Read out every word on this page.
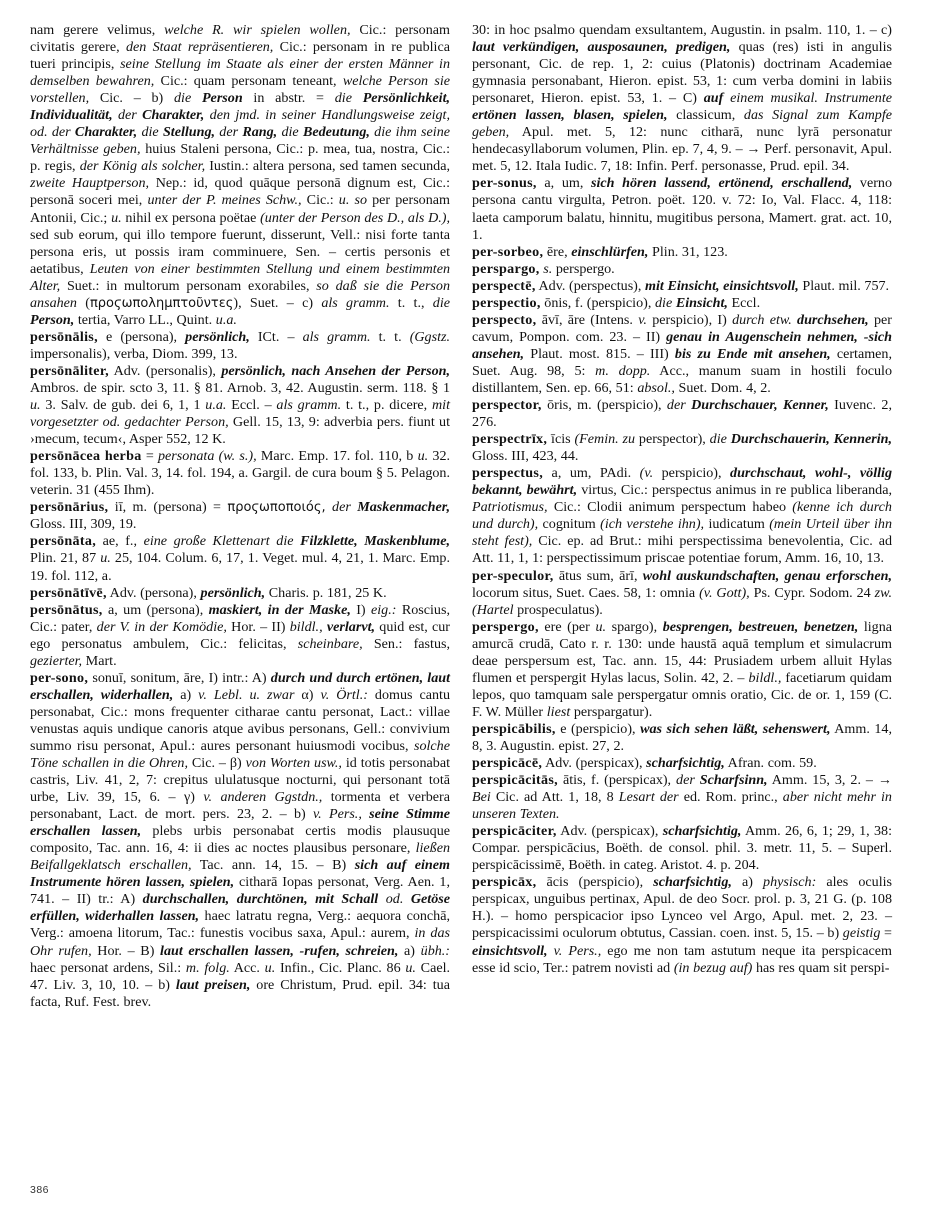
nam gerere velimus, welche R. wir spielen wollen, Cic.: personam civitatis gerere, den Staat repräsentieren, Cic.: personam in re publica tueri principis, seine Stellung im Staate als einer der ersten Männer in demselben bewahren, Cic.: quam personam teneant, welche Person sie vorstellen, Cic. – b) die Person in abstr. = die Persönlichkeit, Individualität, der Charakter, den jmd. in seiner Handlungsweise zeigt, od. der Charakter, die Stellung, der Rang, die Bedeutung, die ihm seine Verhältnisse geben, huius Staleni persona, Cic.: p. mea, tua, nostra, Cic.: p. regis, der König als solcher, Iustin.: altera persona, sed tamen secunda, zweite Hauptperson, Nep.: id, quod quāque personā dignum est, Cic.: personā soceri mei, unter der P. meines Schw., Cic.: u. so per personam Antonii, Cic.; u. nihil ex persona poëtae (unter der Person des D., als D.), sed sub eorum, qui illo tempore fuerunt, disserunt, Vell.: nisi forte tanta persona eris, ut possis iram comminuere, Sen. – certis personis et aetatibus, Leuten von einer bestimmten Stellung und einem bestimmten Alter, Suet.: in multorum personam exorabiles, so daß sie die Person ansahen (προϛωπολημπτοῦντες), Suet. – c) als gramm. t. t., die Person, tertia, Varro LL., Quint. u.a.

persōnālis, e (persona), persönlich, ICt. – als gramm. t. t. (Ggstz. impersonalis), verba, Diom. 399, 13.

persōnāliter, Adv. (personalis), persönlich, nach Ansehen der Person, Ambros. de spir. scto 3, 11. § 81. Arnob. 3, 42. Augustin. serm. 118. § 1 u. 3. Salv. de gub. dei 6, 1, 1 u.a. Eccl. – als gramm. t. t., p. dicere, mit vorgesetzter od. gedachter Person, Gell. 15, 13, 9: adverbia pers. fiunt ut ›mecum, tecum‹, Asper 552, 12 K.

persōnācea herba = personata (w. s.), Marc. Emp. 17. fol. 110, b u. 32. fol. 133, b. Plin. Val. 3, 14. fol. 194, a. Gargil. de cura boum § 5. Pelagon. veterin. 31 (455 Ihm).

persōnārius, iī, m. (persona) = προϛωποποιός, der Maskenmacher, Gloss. III, 309, 19.

persōnāta, ae, f., eine große Klettenart die Filzklette, Maskenblume, Plin. 21, 87 u. 25, 104. Colum. 6, 17, 1. Veget. mul. 4, 21, 1. Marc. Emp. 19. fol. 112, a.

persōnātīvē, Adv. (persona), persönlich, Charis. p. 181, 25 K.

persōnātus, a, um (persona), maskiert, in der Maske, I) eig.: Roscius, Cic.: pater, der V. in der Komödie, Hor. – II) bildl., verlarvt, quid est, cur ego personatus ambulem, Cic.: felicitas, scheinbare, Sen.: fastus, gezierter, Mart.

per-sono, sonuī, sonitum, āre, I) intr.: A) durch und durch ertönen, laut erschallen, widerhallen, a) v. Lebl. u. zwar α) v. Örtl.: domus cantu personabat, Cic.: mons frequenter citharae cantu personat, Lact.: villae venustas aquis undique canoris atque avibus personans, Gell.: convivium summo risu personat, Apul.: aures personant huiusmodi vocibus, solche Töne schallen in die Ohren, Cic. – β) von Worten usw., id totis personabat castris, Liv. 41, 2, 7: crepitus ululatusque nocturni, qui personant totā urbe, Liv. 39, 15, 6. – γ) v. anderen Ggstdn., tormenta et verbera personabant, Lact. de mort. pers. 23, 2. – b) v. Pers., seine Stimme erschallen lassen, plebs urbis personabat certis modis plausuque composito, Tac. ann. 16, 4: ii dies ac noctes plausibus personare, ließen Beifallgeklatsch erschallen, Tac. ann. 14, 15. – B) sich auf einem Instrumente hören lassen, spielen, citharā Iopas personat, Verg. Aen. 1, 741. – II) tr.: A) durchschallen, durchtönen, mit Schall od. Getöse erfüllen, widerhallen lassen, haec latratu regna, Verg.: aequora conchā, Verg.: amoena litorum, Tac.: funestis vocibus saxa, Apul.: aurem, in das Ohr rufen, Hor. – B) laut erschallen lassen, -rufen, schreien, a) übh.: haec personat ardens, Sil.: m. folg. Acc. u. Infin., Cic. Planc. 86 u. Cael. 47. Liv. 3, 10, 10. – b) laut preisen, ore Christum, Prud. epil. 34: tua facta, Ruf. Fest. brev.

30: in hoc psalmo quendam exsultantem, Augustin. in psalm. 110, 1. – c) laut verkündigen, ausposaunen, predigen, quas (res) isti in angulis personant, Cic. de rep. 1, 2: cuius (Platonis) doctrinam Academiae gymnasia personabant, Hieron. epist. 53, 1: cum verba domini in labiis personaret, Hieron. epist. 53, 1. – C) auf einem musikal. Instrumente ertönen lassen, blasen, spielen, classicum, das Signal zum Kampfe geben, Apul. met. 5, 12: nunc citharā, nunc lyrā personatur hendecasyllaborum volumen, Plin. ep. 7, 4, 9. – → Perf. personavit, Apul. met. 5, 12. Itala Iudic. 7, 18: Infin. Perf. personasse, Prud. epil. 34.

per-sonus, a, um, sich hören lassend, ertönend, erschallend, verno persona cantu virgulta, Petron. poët. 120. v. 72: Io, Val. Flacc. 4, 118: laeta camporum balatu, hinnitu, mugitibus persona, Mamert. grat. act. 10, 1.

per-sorbeo, ēre, einschlürfen, Plin. 31, 123.

perspargo, s. perspergo.

perspectē, Adv. (perspectus), mit Einsicht, einsichtsvoll, Plaut. mil. 757.

perspectio, ōnis, f. (perspicio), die Einsicht, Eccl.

perspecto, āvī, āre (Intens. v. perspicio), I) durch etw. durchsehen, per cavum, Pompon. com. 23. – II) genau in Augenschein nehmen, -sich ansehen, Plaut. most. 815. – III) bis zu Ende mit ansehen, certamen, Suet. Aug. 98, 5: m. dopp. Acc., manum suam in hostili foculo distillantem, Sen. ep. 66, 51: absol., Suet. Dom. 4, 2.

perspector, ōris, m. (perspicio), der Durchschauer, Kenner, Iuvenc. 2, 276.

perspectrīx, īcis (Femin. zu perspector), die Durchschauerin, Kennerin, Gloss. III, 423, 44.

perspectus, a, um, PAdi. (v. perspicio), durchschaut, wohl-, völlig bekannt, bewährt, virtus, Cic.: perspectus animus in re publica liberanda, Patriotismus, Cic.: Clodii animum perspectum habeo (kenne ich durch und durch), cognitum (ich verstehe ihn), iudicatum (mein Urteil über ihn steht fest), Cic. ep. ad Brut.: mihi perspectissima benevolentia, Cic. ad Att. 11, 1, 1: perspectissimum priscae potentiae forum, Amm. 16, 10, 13.

per-speculor, ātus sum, ārī, wohl auskundschaften, genau erforschen, locorum situs, Suet. Caes. 58, 1: omnia (v. Gott), Ps. Cypr. Sodom. 24 zw. (Hartel prospeculatus).

perspergo, ere (per u. spargo), besprengen, bestreuen, benetzen, ligna amurcā crudā, Cato r. r. 130: unde haustā aquā templum et simulacrum deae perspersum est, Tac. ann. 15, 44: Prusiadem urbem alluit Hylas flumen et perspergit Hylas lacus, Solin. 42, 2. – bildl., facetiarum quidam lepos, quo tamquam sale perspergatur omnis oratio, Cic. de or. 1, 159 (C. F. W. Müller liest perspargatur).

perspicābilis, e (perspicio), was sich sehen läßt, sehenswert, Amm. 14, 8, 3. Augustin. epist. 27, 2.

perspicācē, Adv. (perspicax), scharfsichtig, Afran. com. 59.

perspicācitās, ātis, f. (perspicax), der Scharfsinn, Amm. 15, 3, 2. – → Bei Cic. ad Att. 1, 18, 8 Lesart der ed. Rom. princ., aber nicht mehr in unseren Texten.

perspicāciter, Adv. (perspicax), scharfsichtig, Amm. 26, 6, 1; 29, 1, 38: Compar. perspicācius, Boëth. de consol. phil. 3. metr. 11, 5. – Superl. perspicācissimē, Boëth. in categ. Aristot. 4. p. 204.

perspicāx, ācis (perspicio), scharfsichtig, a) physisch: ales oculis perspicax, unguibus pertinax, Apul. de deo Socr. prol. p. 3, 21 G. (p. 108 H.). – homo perspicacior ipso Lynceo vel Argo, Apul. met. 2, 23. – perspicacissimi oculorum obtutus, Cassian. coen. inst. 5, 15. – b) geistig = einsichtsvoll, v. Pers., ego me non tam astutum neque ita perspicacem esse id scio, Ter.: patrem novisti ad (in bezug auf) has res quam sit perspi-

386
